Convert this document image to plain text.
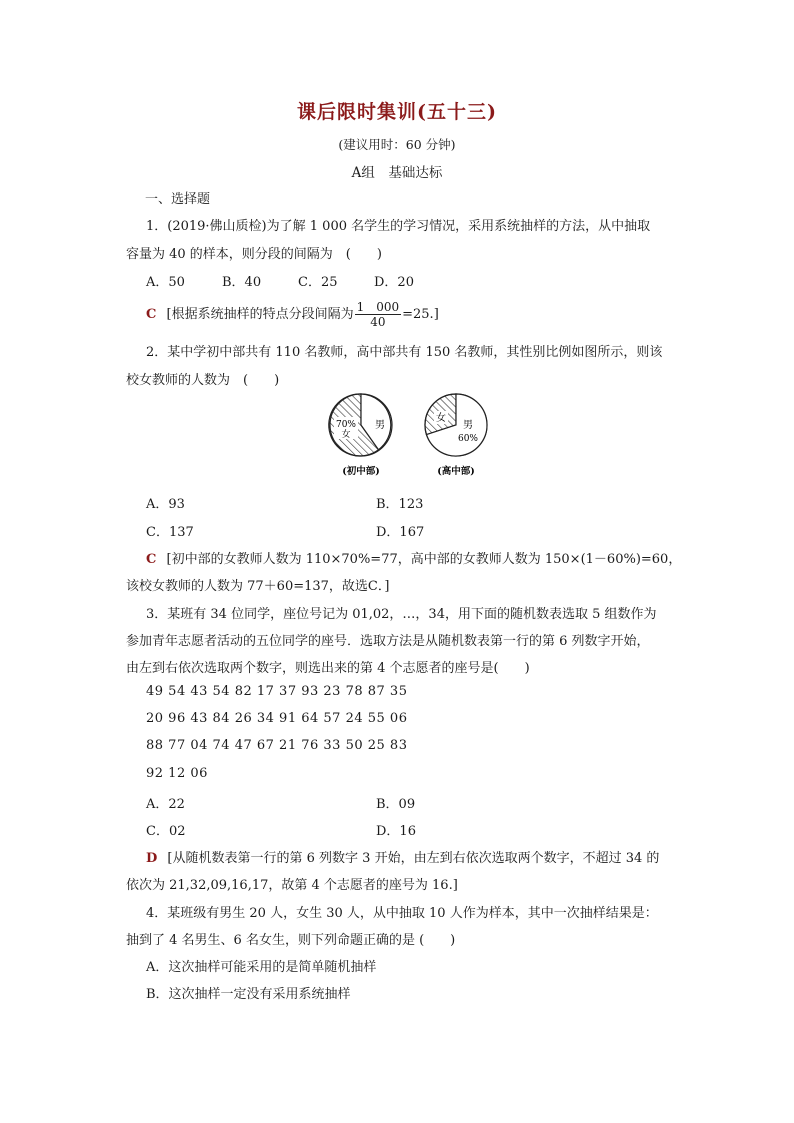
课后限时集训(五十三)
(建议用时：60 分钟)
A组　基础达标
一、选择题
1．(2019·佛山质检)为了解 1 000 名学生的学习情况，采用系统抽样的方法，从中抽取
容量为 40 的样本，则分段的间隔为　(　　)
A．50	B．40	C．25	D．20
C [根据系统抽样的特点分段间隔为 $\frac{1 000}{40} =25$.]
2．某中学初中部共有 110 名教师，高中部共有 150 名教师，其性别比例如图所示，则该
校女教师的人数为　(　　)
70%
女
男
(初中部)
女
男
60%
(高中部)
A．93	B．123
C．137	D．167
C [初中部的女教师人数为 110×70%=77，高中部的女教师人数为 150×(1－60%)=60，
该校女教师的人数为 77＋60=137，故选C．]
3．某班有 34 位同学，座位号记为 01,02，…，34，用下面的随机数表选取 5 组数作为
参加青年志愿者活动的五位同学的座号．选取方法是从随机数表第一行的第 6 列数字开始，
由左到右依次选取两个数字，则选出来的第 4 个志愿者的座号是(　　)
49 54 43 54 82 17 37 93 23 78 87 35
20 96 43 84 26 34 91 64 57 24 55 06
88 77 04 74 47 67 21 76 33 50 25 83
92 12 06
A．22	B．09
C．02	D．16
D [从随机数表第一行的第 6 列数字 3 开始，由左到右依次选取两个数字，不超过 34 的
依次为 21,32,09,16,17，故第 4 个志愿者的座号为 16.]
4．某班级有男生 20 人，女生 30 人，从中抽取 10 人作为样本，其中一次抽样结果是：
抽到了 4 名男生、6 名女生，则下列命题正确的是 (　　)
A．这次抽样可能采用的是简单随机抽样
B．这次抽样一定没有采用系统抽样
